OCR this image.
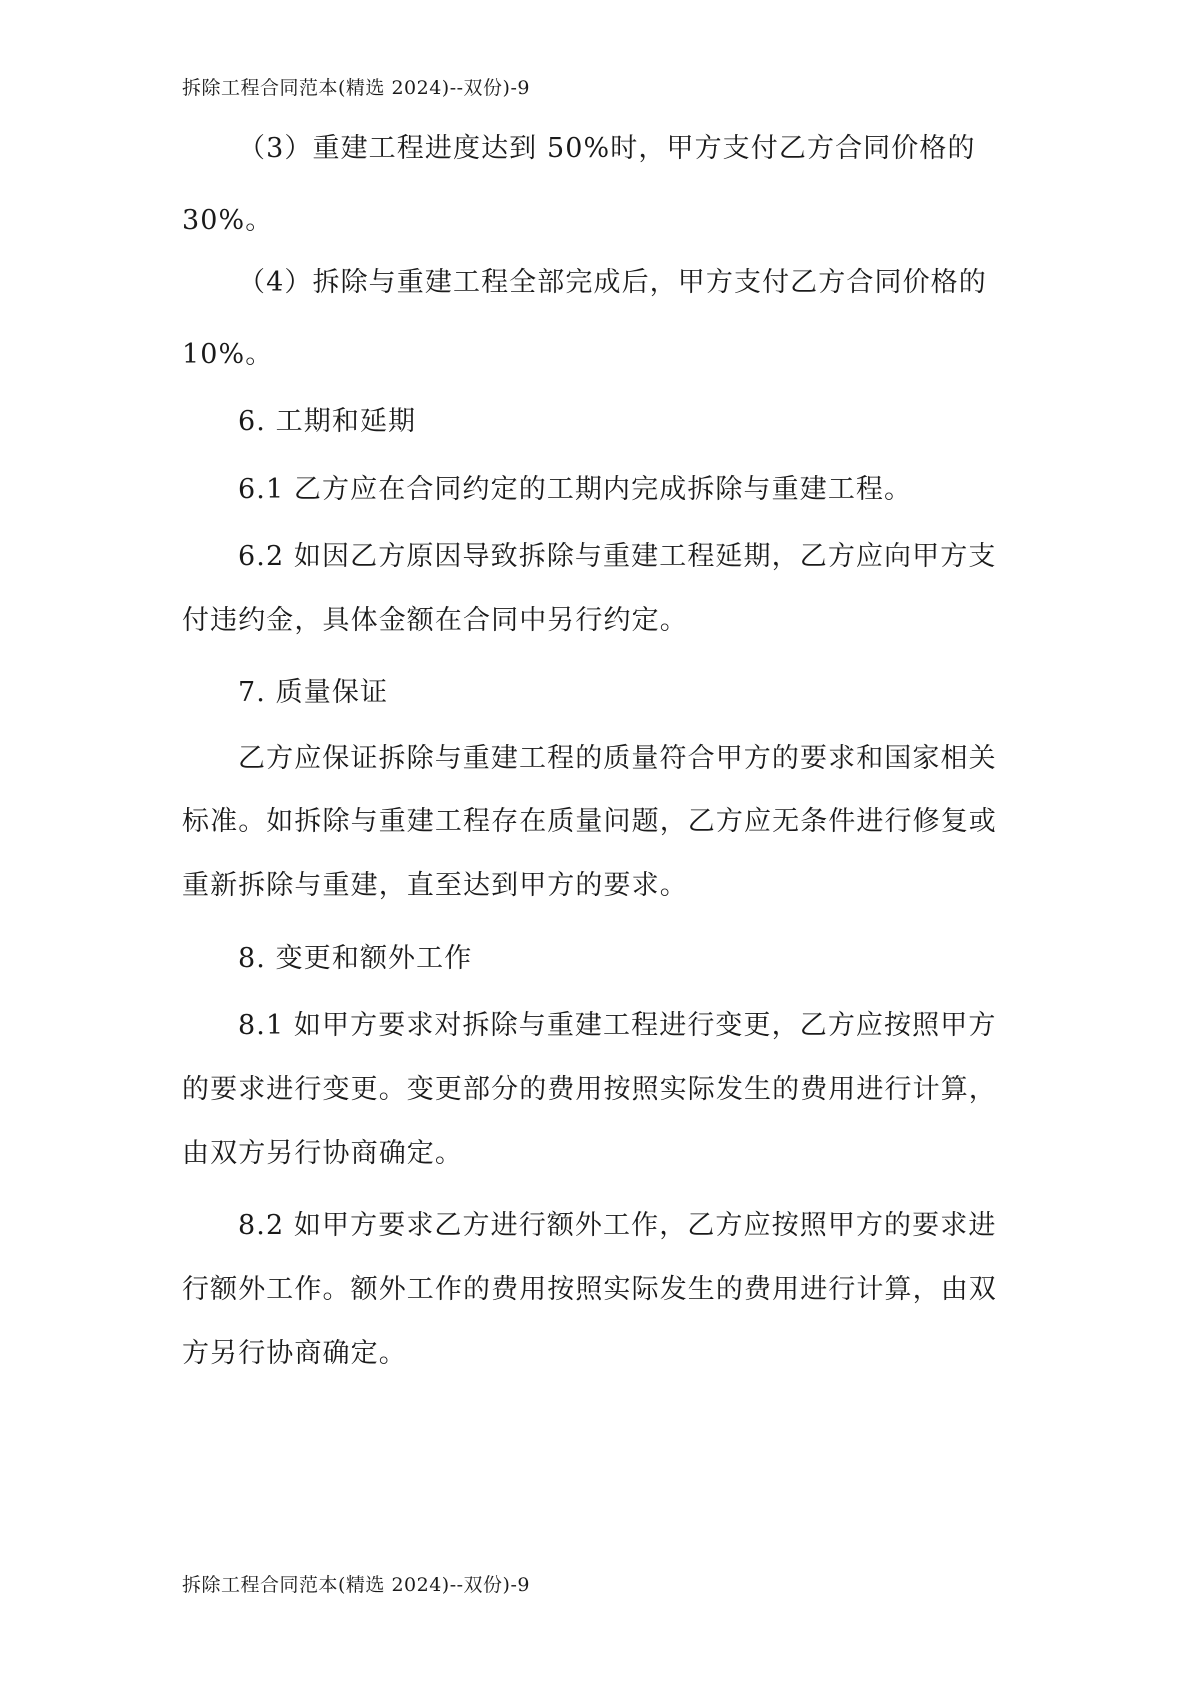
拆除工程合同范本(精选 2024)--双份)-9
（3）重建工程进度达到 50%时，甲方支付乙方合同价格的
30%。
（4）拆除与重建工程全部完成后，甲方支付乙方合同价格的
10%。
6. 工期和延期
6.1 乙方应在合同约定的工期内完成拆除与重建工程。
6.2 如因乙方原因导致拆除与重建工程延期，乙方应向甲方支
付违约金，具体金额在合同中另行约定。
7. 质量保证
乙方应保证拆除与重建工程的质量符合甲方的要求和国家相关
标准。如拆除与重建工程存在质量问题，乙方应无条件进行修复或
重新拆除与重建，直至达到甲方的要求。
8. 变更和额外工作
8.1 如甲方要求对拆除与重建工程进行变更，乙方应按照甲方
的要求进行变更。变更部分的费用按照实际发生的费用进行计算，
由双方另行协商确定。
8.2 如甲方要求乙方进行额外工作，乙方应按照甲方的要求进
行额外工作。额外工作的费用按照实际发生的费用进行计算，由双
方另行协商确定。
拆除工程合同范本(精选 2024)--双份)-9
